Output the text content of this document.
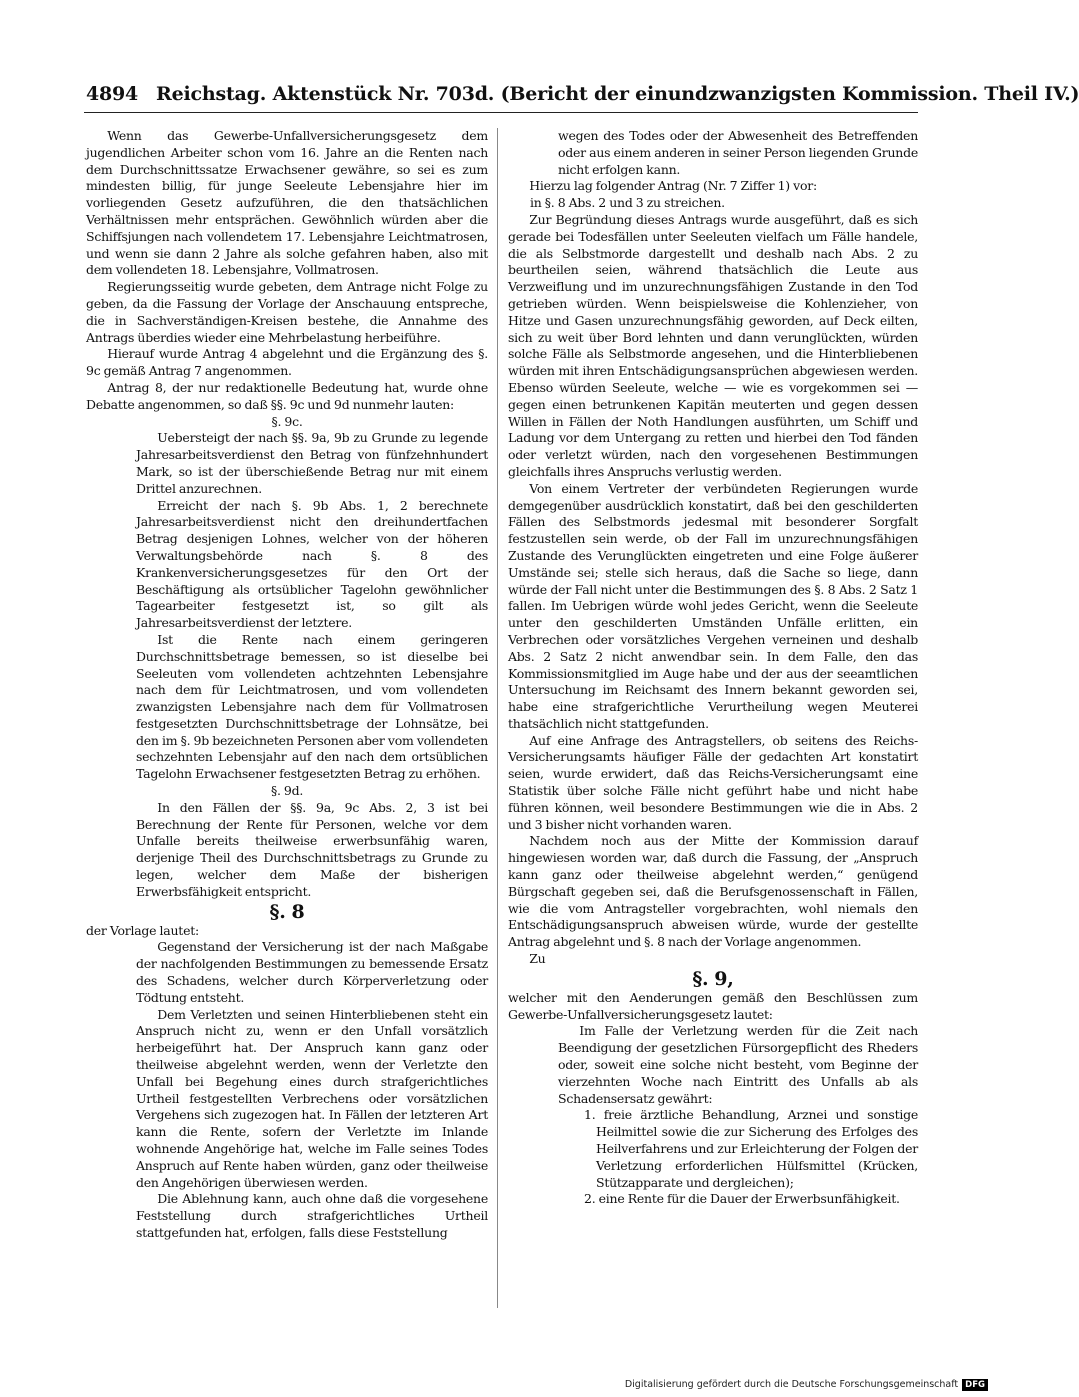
4894 Reichstag. Aktenstück Nr. 703d. (Bericht der einundzwanzigsten Kommission. Theil IV.)

Wenn das Gewerbe-Unfallversicherungsgesetz dem jugendlichen Arbeiter schon vom 16. Jahre an die Renten nach dem Durchschnittssatze Erwachsener gewähre, so sei es zum mindesten billig, für junge Seeleute Lebensjahre hier im vorliegenden Gesetz aufzuführen, die den thatsächlichen Verhältnissen mehr entsprächen. Gewöhnlich würden aber die Schiffsjungen nach vollendetem 17. Lebensjahre Leichtmatrosen, und wenn sie dann 2 Jahre als solche gefahren haben, also mit dem vollendeten 18. Lebensjahre, Vollmatrosen.

Regierungsseitig wurde gebeten, dem Antrage nicht Folge zu geben, da die Fassung der Vorlage der Anschauung entspreche, die in Sachverständigen-Kreisen bestehe, die Annahme des Antrags überdies wieder eine Mehrbelastung herbeiführe.

Hierauf wurde Antrag 4 abgelehnt und die Ergänzung des §. 9c gemäß Antrag 7 angenommen.

Antrag 8, der nur redaktionelle Bedeutung hat, wurde ohne Debatte angenommen, so daß §§. 9c und 9d nunmehr lauten:

§. 9c.

Uebersteigt der nach §§. 9a, 9b zu Grunde zu legende Jahresarbeitsverdienst den Betrag von fünfzehnhundert Mark, so ist der überschießende Betrag nur mit einem Drittel anzurechnen.

Erreicht der nach §. 9b Abs. 1, 2 berechnete Jahresarbeitsverdienst nicht den dreihundertfachen Betrag desjenigen Lohnes, welcher von der höheren Verwaltungsbehörde nach §. 8 des Krankenversicherungsgesetzes für den Ort der Beschäftigung als ortsüblicher Tagelohn gewöhnlicher Tagearbeiter festgesetzt ist, so gilt als Jahresarbeitsverdienst der letztere.

Ist die Rente nach einem geringeren Durchschnittsbetrage bemessen, so ist dieselbe bei Seeleuten vom vollendeten achtzehnten Lebensjahre nach dem für Leichtmatrosen, und vom vollendeten zwanzigsten Lebensjahre nach dem für Vollmatrosen festgesetzten Durchschnittsbetrage der Lohnsätze, bei den im §. 9b bezeichneten Personen aber vom vollendeten sechzehnten Lebensjahr auf den nach dem ortsüblichen Tagelohn Erwachsener festgesetzten Betrag zu erhöhen.

§. 9d.

In den Fällen der §§. 9a, 9c Abs. 2, 3 ist bei Berechnung der Rente für Personen, welche vor dem Unfalle bereits theilweise erwerbsunfähig waren, derjenige Theil des Durchschnittsbetrags zu Grunde zu legen, welcher dem Maße der bisherigen Erwerbsfähigkeit entspricht.

§. 8

der Vorlage lautet:

Gegenstand der Versicherung ist der nach Maßgabe der nachfolgenden Bestimmungen zu bemessende Ersatz des Schadens, welcher durch Körperverletzung oder Tödtung entsteht.

Dem Verletzten und seinen Hinterbliebenen steht ein Anspruch nicht zu, wenn er den Unfall vorsätzlich herbeigeführt hat. Der Anspruch kann ganz oder theilweise abgelehnt werden, wenn der Verletzte den Unfall bei Begehung eines durch strafgerichtliches Urtheil festgestellten Verbrechens oder vorsätzlichen Vergehens sich zugezogen hat. In Fällen der letzteren Art kann die Rente, sofern der Verletzte im Inlande wohnende Angehörige hat, welche im Falle seines Todes Anspruch auf Rente haben würden, ganz oder theilweise den Angehörigen überwiesen werden.

Die Ablehnung kann, auch ohne daß die vorgesehene Feststellung durch strafgerichtliches Urtheil stattgefunden hat, erfolgen, falls diese Feststellung

wegen des Todes oder der Abwesenheit des Betreffenden oder aus einem anderen in seiner Person liegenden Grunde nicht erfolgen kann.

Hierzu lag folgender Antrag (Nr. 7 Ziffer 1) vor:

in §. 8 Abs. 2 und 3 zu streichen.

Zur Begründung dieses Antrags wurde ausgeführt, daß es sich gerade bei Todesfällen unter Seeleuten vielfach um Fälle handele, die als Selbstmorde dargestellt und deshalb nach Abs. 2 zu beurtheilen seien, während thatsächlich die Leute aus Verzweiflung und im unzurechnungsfähigen Zustande in den Tod getrieben würden. Wenn beispielsweise die Kohlenzieher, von Hitze und Gasen unzurechnungsfähig geworden, auf Deck eilten, sich zu weit über Bord lehnten und dann verunglückten, würden solche Fälle als Selbstmorde angesehen, und die Hinterbliebenen würden mit ihren Entschädigungsansprüchen abgewiesen werden. Ebenso würden Seeleute, welche — wie es vorgekommen sei — gegen einen betrunkenen Kapitän meuterten und gegen dessen Willen in Fällen der Noth Handlungen ausführten, um Schiff und Ladung vor dem Untergang zu retten und hierbei den Tod fänden oder verletzt würden, nach den vorgesehenen Bestimmungen gleichfalls ihres Anspruchs verlustig werden.

Von einem Vertreter der verbündeten Regierungen wurde demgegenüber ausdrücklich konstatirt, daß bei den geschilderten Fällen des Selbstmords jedesmal mit besonderer Sorgfalt festzustellen sein werde, ob der Fall im unzurechnungsfähigen Zustande des Verunglückten eingetreten und eine Folge äußerer Umstände sei; stelle sich heraus, daß die Sache so liege, dann würde der Fall nicht unter die Bestimmungen des §. 8 Abs. 2 Satz 1 fallen. Im Uebrigen würde wohl jedes Gericht, wenn die Seeleute unter den geschilderten Umständen Unfälle erlitten, ein Verbrechen oder vorsätzliches Vergehen verneinen und deshalb Abs. 2 Satz 2 nicht anwendbar sein. In dem Falle, den das Kommissionsmitglied im Auge habe und der aus der seeamtlichen Untersuchung im Reichsamt des Innern bekannt geworden sei, habe eine strafgerichtliche Verurtheilung wegen Meuterei thatsächlich nicht stattgefunden.

Auf eine Anfrage des Antragstellers, ob seitens des Reichs-Versicherungsamts häufiger Fälle der gedachten Art konstatirt seien, wurde erwidert, daß das Reichs-Versicherungsamt eine Statistik über solche Fälle nicht geführt habe und nicht habe führen können, weil besondere Bestimmungen wie die in Abs. 2 und 3 bisher nicht vorhanden waren.

Nachdem noch aus der Mitte der Kommission darauf hingewiesen worden war, daß durch die Fassung, der „Anspruch kann ganz oder theilweise abgelehnt werden,“ genügend Bürgschaft gegeben sei, daß die Berufsgenossenschaft in Fällen, wie die vom Antragsteller vorgebrachten, wohl niemals den Entschädigungsanspruch abweisen würde, wurde der gestellte Antrag abgelehnt und §. 8 nach der Vorlage angenommen.

Zu

§. 9,

welcher mit den Aenderungen gemäß den Beschlüssen zum Gewerbe-Unfallversicherungsgesetz lautet:

Im Falle der Verletzung werden für die Zeit nach Beendigung der gesetzlichen Fürsorgepflicht des Rheders oder, soweit eine solche nicht besteht, vom Beginne der vierzehnten Woche nach Eintritt des Unfalls ab als Schadensersatz gewährt:

1. freie ärztliche Behandlung, Arznei und sonstige Heilmittel sowie die zur Sicherung des Erfolges des Heilverfahrens und zur Erleichterung der Folgen der Verletzung erforderlichen Hülfsmittel (Krücken, Stützapparate und dergleichen);

2. eine Rente für die Dauer der Erwerbsunfähigkeit.

Digitalisierung gefördert durch die Deutsche Forschungsgemeinschaft DFG
